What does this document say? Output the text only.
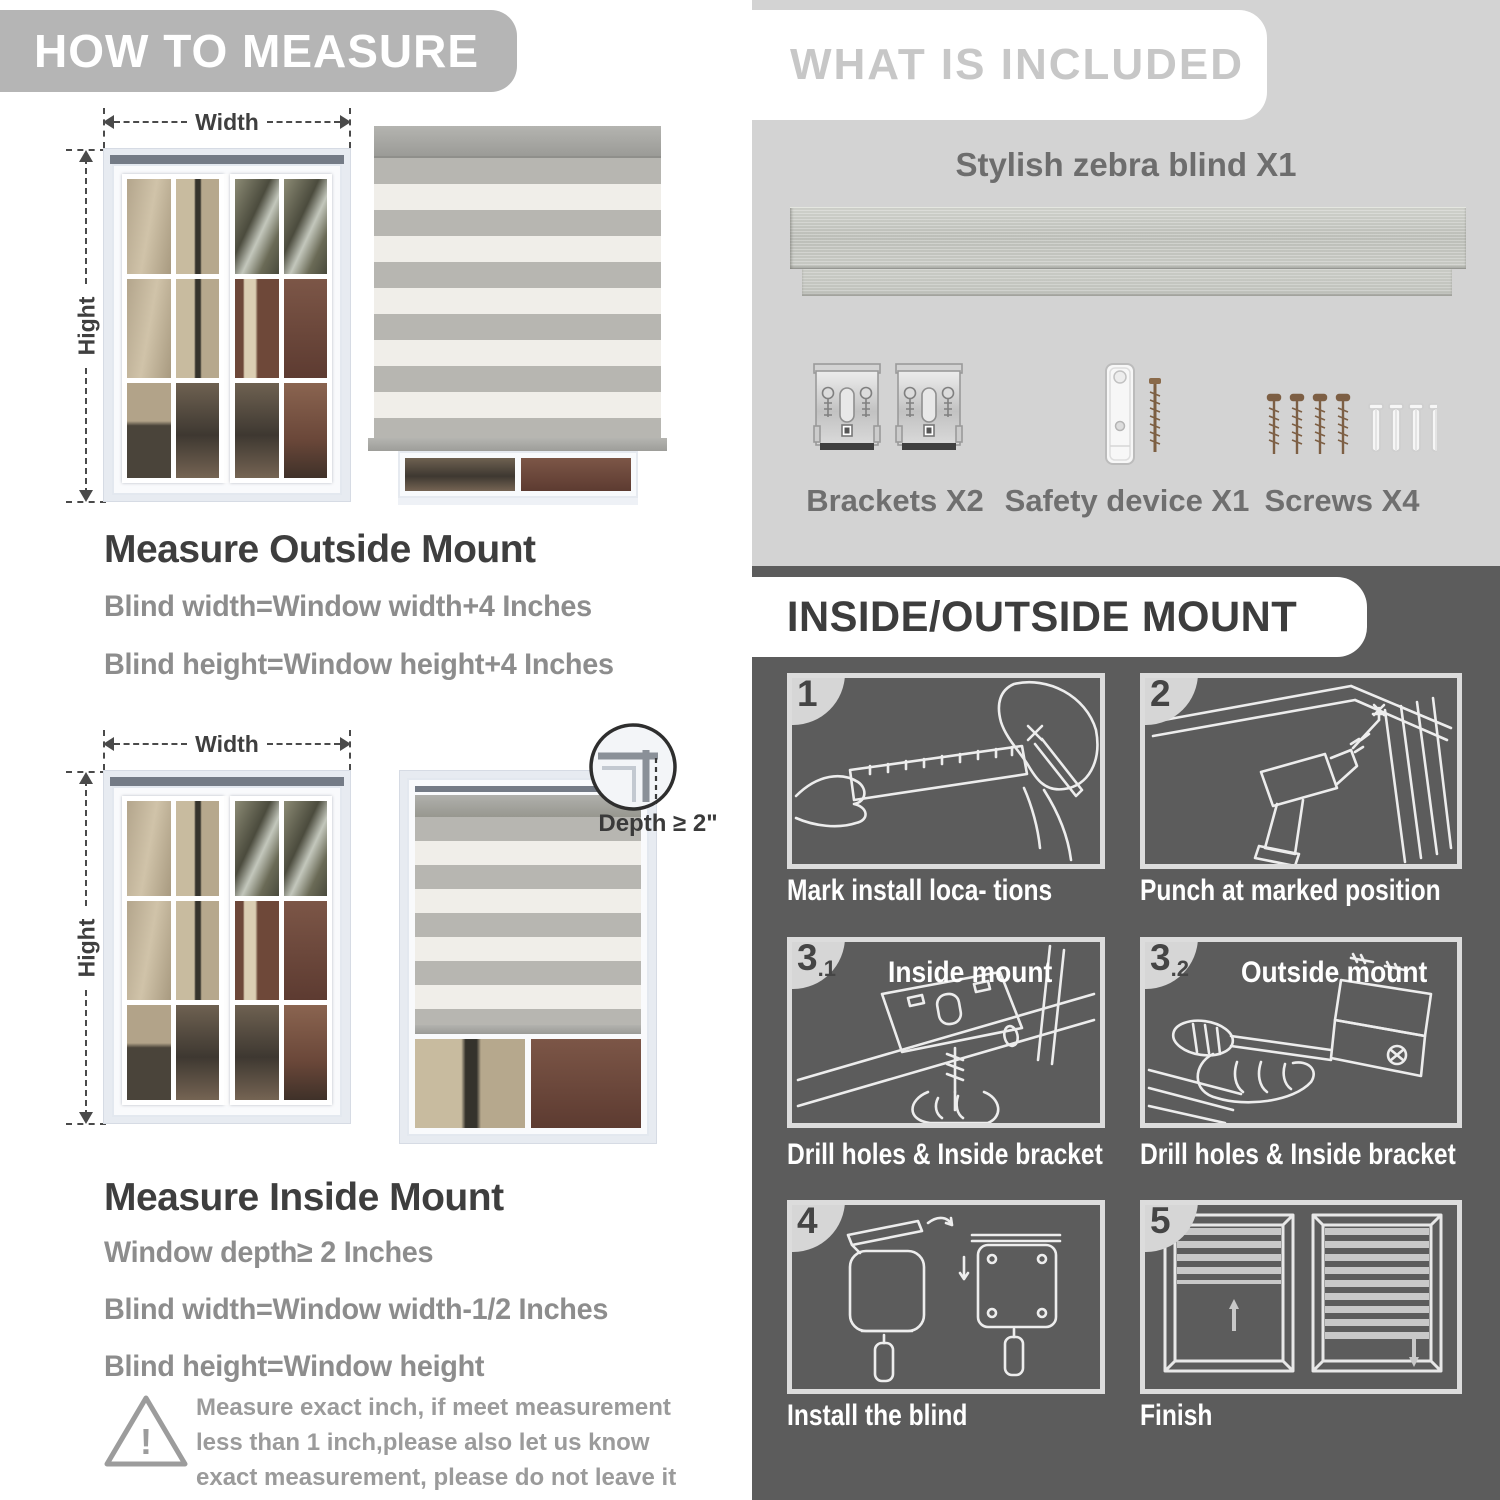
HOW TO MEASURE
Width
Hight
Measure Outside Mount
Blind width=Window width+4 Inches
Blind height=Window height+4 Inches
Width
Hight
Depth ≥ 2"
Measure Inside Mount
Window depth≥ 2 Inches
Blind width=Window width-1/2 Inches
Blind height=Window height
!
Measure exact inch, if meet measurement less than 1 inch,please also let us know exact measurement, please do not leave it
WHAT IS INCLUDED
Stylish zebra blind X1
Brackets X2 Safety device X1 Screws X4
INSIDE/OUTSIDE MOUNT
1
Mark install loca- tions
2
Punch at marked position
3.1 Inside mount
Drill holes & Inside bracket
3.2 Outside mount
Drill holes & Inside bracket
4
Install the blind
5
Finish
